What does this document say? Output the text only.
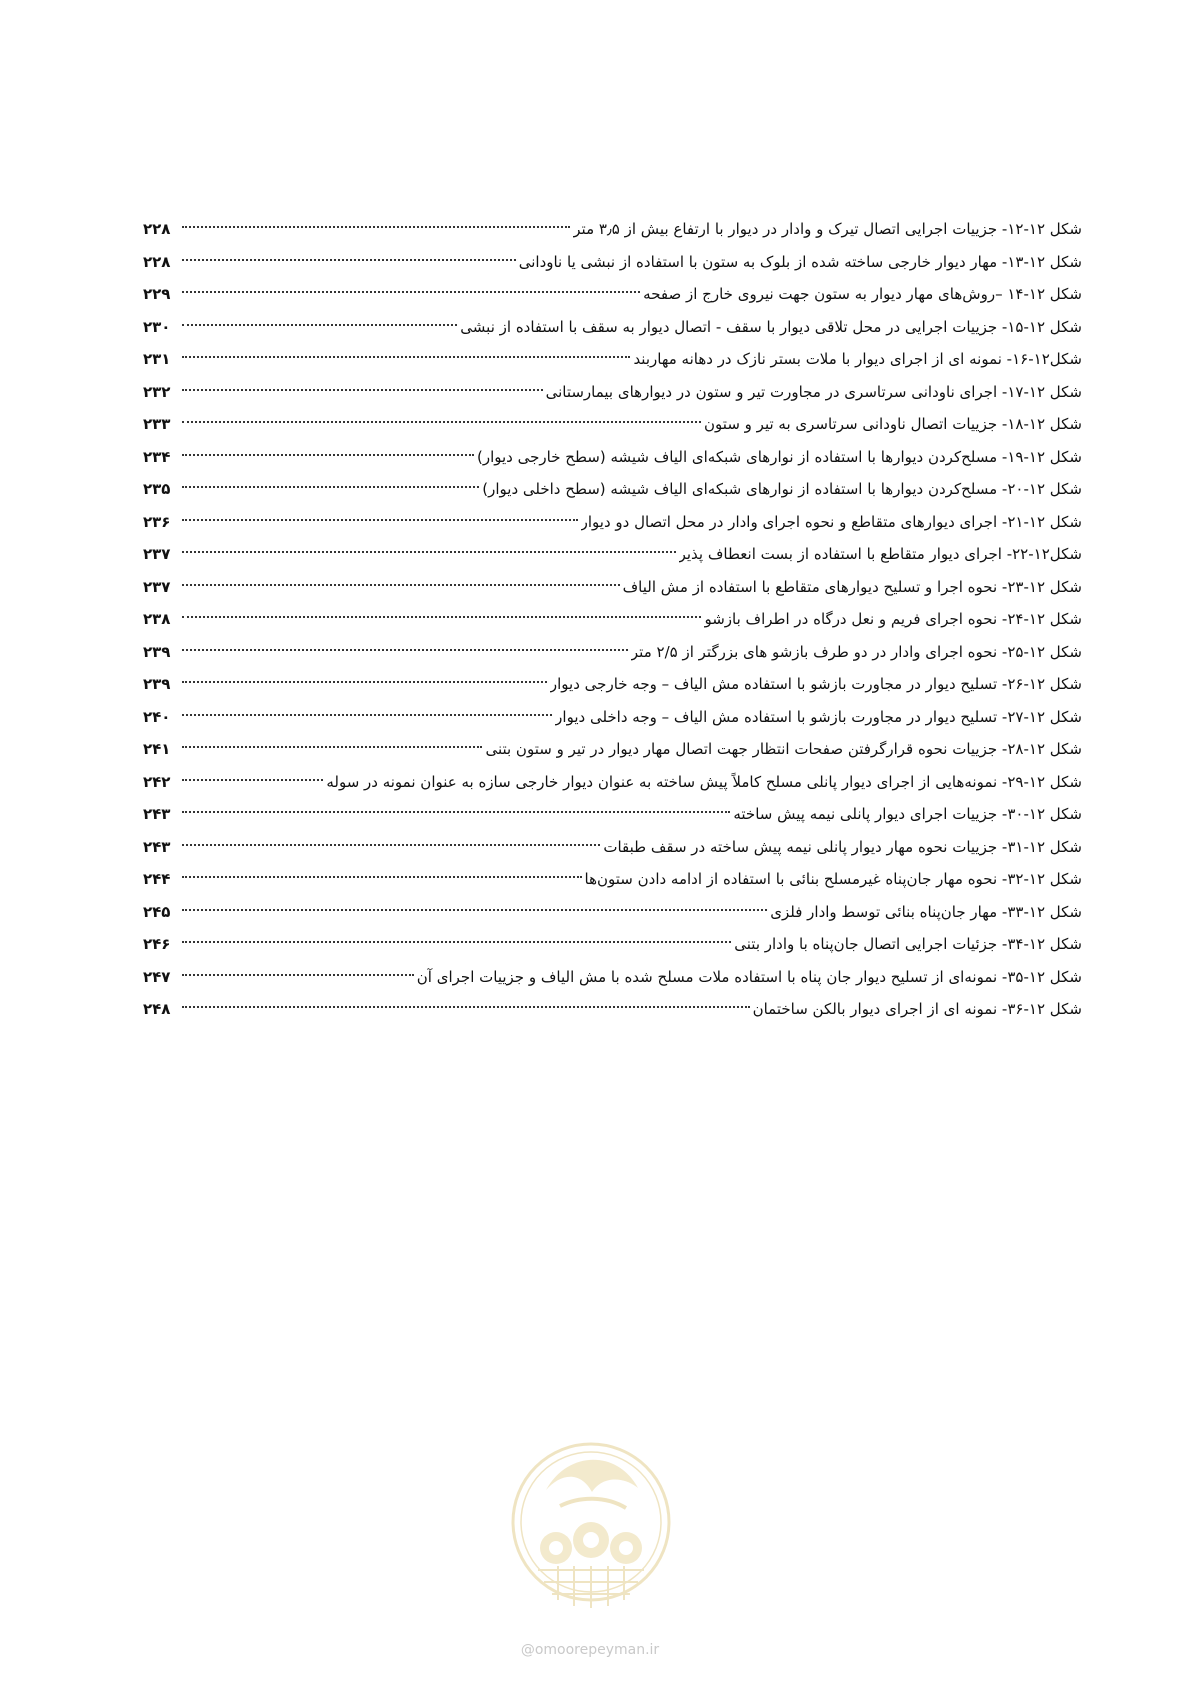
شکل ۱۲-۱۲- جزییات اجرایی اتصال تیرک و وادار در دیوار با ارتفاع بیش از ۳٫۵ متر
۲۲۸
شکل ۱۲-۱۳- مهار دیوار خارجی ساخته شده از بلوک به ستون با استفاده از نبشی یا ناودانی
۲۲۸
شکل ۱۲-۱۴ –روش‌های مهار دیوار به ستون جهت نیروی خارج از صفحه
۲۲۹
شکل ۱۲-۱۵- جزییات اجرایی در محل تلاقی دیوار با سقف - اتصال دیوار به سقف با استفاده از نبشی
۲۳۰
شکل۱۲-۱۶- نمونه ای از اجرای دیوار با ملات بستر نازک در دهانه مهاربند
۲۳۱
شکل ۱۲-۱۷- اجرای ناودانی سرتاسری در مجاورت تیر و ستون در دیوارهای بیمارستانی
۲۳۲
شکل ۱۲-۱۸- جزییات اتصال ناودانی سرتاسری به تیر و ستون
۲۳۳
شکل ۱۲-۱۹- مسلح‌کردن دیوارها با استفاده از نوارهای شبکه‌ای الیاف شیشه (سطح خارجی دیوار)
۲۳۴
شکل ۱۲-۲۰- مسلح‌کردن دیوارها با استفاده از نوارهای شبکه‌ای الیاف شیشه (سطح داخلی دیوار)
۲۳۵
شکل ۱۲-۲۱- اجرای دیوارهای متقاطع و نحوه اجرای وادار در محل اتصال دو دیوار
۲۳۶
شکل۱۲-۲۲- اجرای دیوار متقاطع با استفاده از بست انعطاف پذیر
۲۳۷
شکل ۱۲-۲۳- نحوه اجرا و تسلیح دیوارهای متقاطع با استفاده از مش الیاف
۲۳۷
شکل ۱۲-۲۴- نحوه اجرای فریم و نعل درگاه در اطراف بازشو
۲۳۸
شکل ۱۲-۲۵- نحوه اجرای وادار در دو طرف بازشو های بزرگتر از ۲/۵ متر
۲۳۹
شکل ۱۲-۲۶- تسلیح دیوار در مجاورت بازشو با استفاده مش الیاف – وجه خارجی دیوار
۲۳۹
شکل ۱۲-۲۷- تسلیح دیوار در مجاورت بازشو با استفاده مش الیاف – وجه داخلی دیوار
۲۴۰
شکل ۱۲-۲۸- جزییات نحوه قرارگرفتن صفحات انتظار جهت اتصال مهار دیوار در تیر و ستون بتنی
۲۴۱
شکل ۱۲-۲۹- نمونه‌هایی از اجرای دیوار پانلی مسلح کاملاً پیش ساخته به عنوان دیوار خارجی سازه به عنوان نمونه در سوله
۲۴۲
شکل ۱۲-۳۰- جزییات اجرای دیوار پانلی نیمه پیش ساخته
۲۴۳
شکل ۱۲-۳۱- جزییات نحوه مهار دیوار پانلی نیمه پیش ساخته در سقف طبقات
۲۴۳
شکل ۱۲-۳۲- نحوه مهار جان‌پناه غیرمسلح بنائی با استفاده از ادامه دادن ستون‌ها
۲۴۴
شکل ۱۲-۳۳- مهار جان‌پناه بنائی توسط وادار فلزی
۲۴۵
شکل ۱۲-۳۴- جزئیات اجرایی اتصال جان‌پناه با وادار بتنی
۲۴۶
شکل ۱۲-۳۵- نمونه‌ای از تسلیح دیوار جان پناه با استفاده ملات مسلح شده با مش الیاف و جزییات اجرای آن
۲۴۷
شکل ۱۲-۳۶- نمونه ای از اجرای دیوار بالکن ساختمان
۲۴۸
@omoorepeyman.ir
